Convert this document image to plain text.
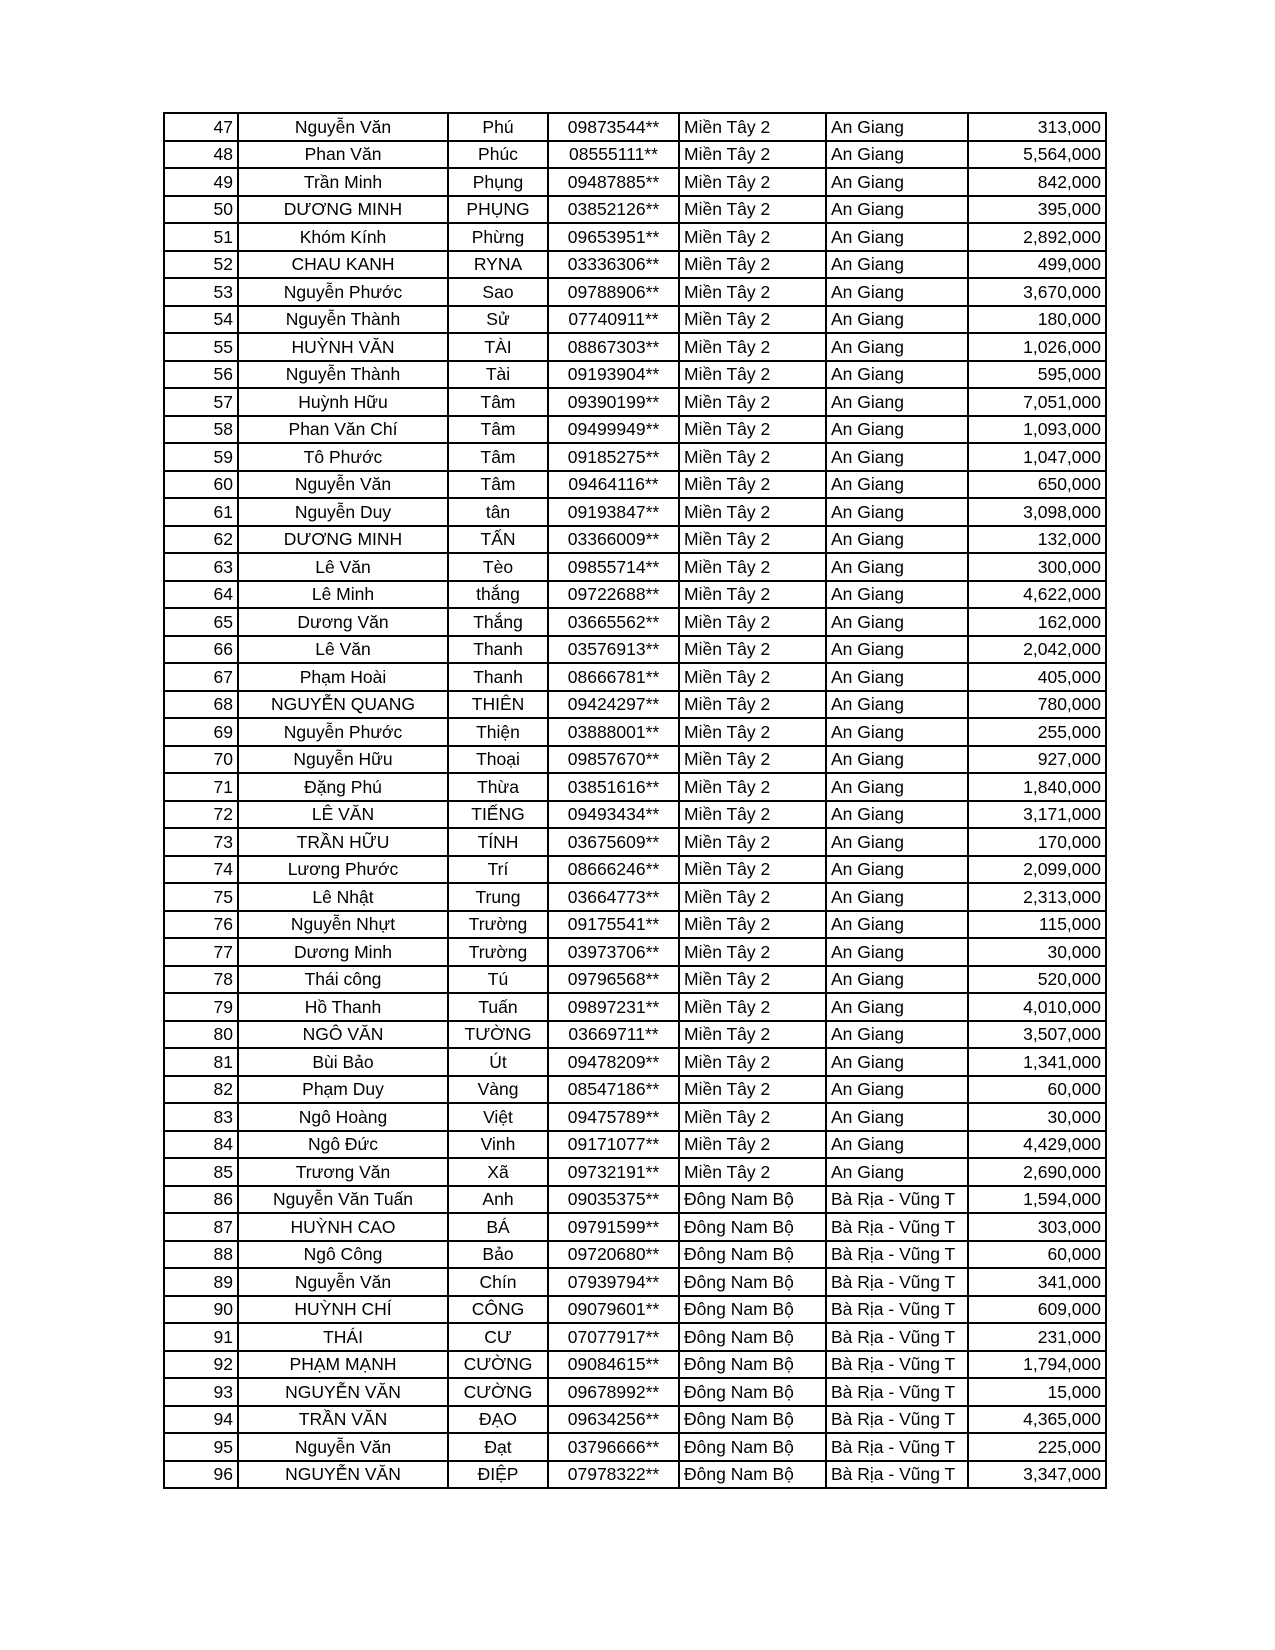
47	Nguyễn Văn	Phú	09873544**	Miền Tây 2	An Giang	313,000
48	Phan Văn	Phúc	08555111**	Miền Tây 2	An Giang	5,564,000
49	Trần Minh	Phụng	09487885**	Miền Tây 2	An Giang	842,000
50	DƯƠNG MINH	PHỤNG	03852126**	Miền Tây 2	An Giang	395,000
51	Khóm Kính	Phừng	09653951**	Miền Tây 2	An Giang	2,892,000
52	CHAU KANH	RYNA	03336306**	Miền Tây 2	An Giang	499,000
53	Nguyễn Phước	Sao	09788906**	Miền Tây 2	An Giang	3,670,000
54	Nguyễn Thành	Sử	07740911**	Miền Tây 2	An Giang	180,000
55	HUỲNH VĂN	TÀI	08867303**	Miền Tây 2	An Giang	1,026,000
56	Nguyễn Thành	Tài	09193904**	Miền Tây 2	An Giang	595,000
57	Huỳnh Hữu	Tâm	09390199**	Miền Tây 2	An Giang	7,051,000
58	Phan Văn Chí	Tâm	09499949**	Miền Tây 2	An Giang	1,093,000
59	Tô Phước	Tâm	09185275**	Miền Tây 2	An Giang	1,047,000
60	Nguyễn Văn	Tâm	09464116**	Miền Tây 2	An Giang	650,000
61	Nguyễn Duy	tân	09193847**	Miền Tây 2	An Giang	3,098,000
62	DƯƠNG MINH	TẤN	03366009**	Miền Tây 2	An Giang	132,000
63	Lê Văn	Tèo	09855714**	Miền Tây 2	An Giang	300,000
64	Lê Minh	thắng	09722688**	Miền Tây 2	An Giang	4,622,000
65	Dương Văn	Thắng	03665562**	Miền Tây 2	An Giang	162,000
66	Lê Văn	Thanh	03576913**	Miền Tây 2	An Giang	2,042,000
67	Phạm Hoài	Thanh	08666781**	Miền Tây 2	An Giang	405,000
68	NGUYỄN QUANG	THIÊN	09424297**	Miền Tây 2	An Giang	780,000
69	Nguyễn Phước	Thiện	03888001**	Miền Tây 2	An Giang	255,000
70	Nguyễn Hữu	Thoại	09857670**	Miền Tây 2	An Giang	927,000
71	Đặng Phú	Thừa	03851616**	Miền Tây 2	An Giang	1,840,000
72	LÊ VĂN	TIẾNG	09493434**	Miền Tây 2	An Giang	3,171,000
73	TRẦN HỮU	TÍNH	03675609**	Miền Tây 2	An Giang	170,000
74	Lương Phước	Trí	08666246**	Miền Tây 2	An Giang	2,099,000
75	Lê Nhật	Trung	03664773**	Miền Tây 2	An Giang	2,313,000
76	Nguyễn Nhựt	Trường	09175541**	Miền Tây 2	An Giang	115,000
77	Dương Minh	Trường	03973706**	Miền Tây 2	An Giang	30,000
78	Thái công	Tú	09796568**	Miền Tây 2	An Giang	520,000
79	Hồ Thanh	Tuấn	09897231**	Miền Tây 2	An Giang	4,010,000
80	NGÔ VĂN	TƯỜNG	03669711**	Miền Tây 2	An Giang	3,507,000
81	Bùi Bảo	Út	09478209**	Miền Tây 2	An Giang	1,341,000
82	Phạm Duy	Vàng	08547186**	Miền Tây 2	An Giang	60,000
83	Ngô Hoàng	Việt	09475789**	Miền Tây 2	An Giang	30,000
84	Ngô Đức	Vinh	09171077**	Miền Tây 2	An Giang	4,429,000
85	Trương Văn	Xã	09732191**	Miền Tây 2	An Giang	2,690,000
86	Nguyễn Văn Tuấn	Anh	09035375**	Đông Nam Bộ	Bà Rịa - Vũng T	1,594,000
87	HUỲNH CAO	BÁ	09791599**	Đông Nam Bộ	Bà Rịa - Vũng T	303,000
88	Ngô Công	Bảo	09720680**	Đông Nam Bộ	Bà Rịa - Vũng T	60,000
89	Nguyễn Văn	Chín	07939794**	Đông Nam Bộ	Bà Rịa - Vũng T	341,000
90	HUỲNH CHÍ	CÔNG	09079601**	Đông Nam Bộ	Bà Rịa - Vũng T	609,000
91	THÁI	CƯ	07077917**	Đông Nam Bộ	Bà Rịa - Vũng T	231,000
92	PHẠM MẠNH	CƯỜNG	09084615**	Đông Nam Bộ	Bà Rịa - Vũng T	1,794,000
93	NGUYỄN VĂN	CƯỜNG	09678992**	Đông Nam Bộ	Bà Rịa - Vũng T	15,000
94	TRẦN VĂN	ĐẠO	09634256**	Đông Nam Bộ	Bà Rịa - Vũng T	4,365,000
95	Nguyễn Văn	Đạt	03796666**	Đông Nam Bộ	Bà Rịa - Vũng T	225,000
96	NGUYỄN VĂN	ĐIỆP	07978322**	Đông Nam Bộ	Bà Rịa - Vũng T	3,347,000
